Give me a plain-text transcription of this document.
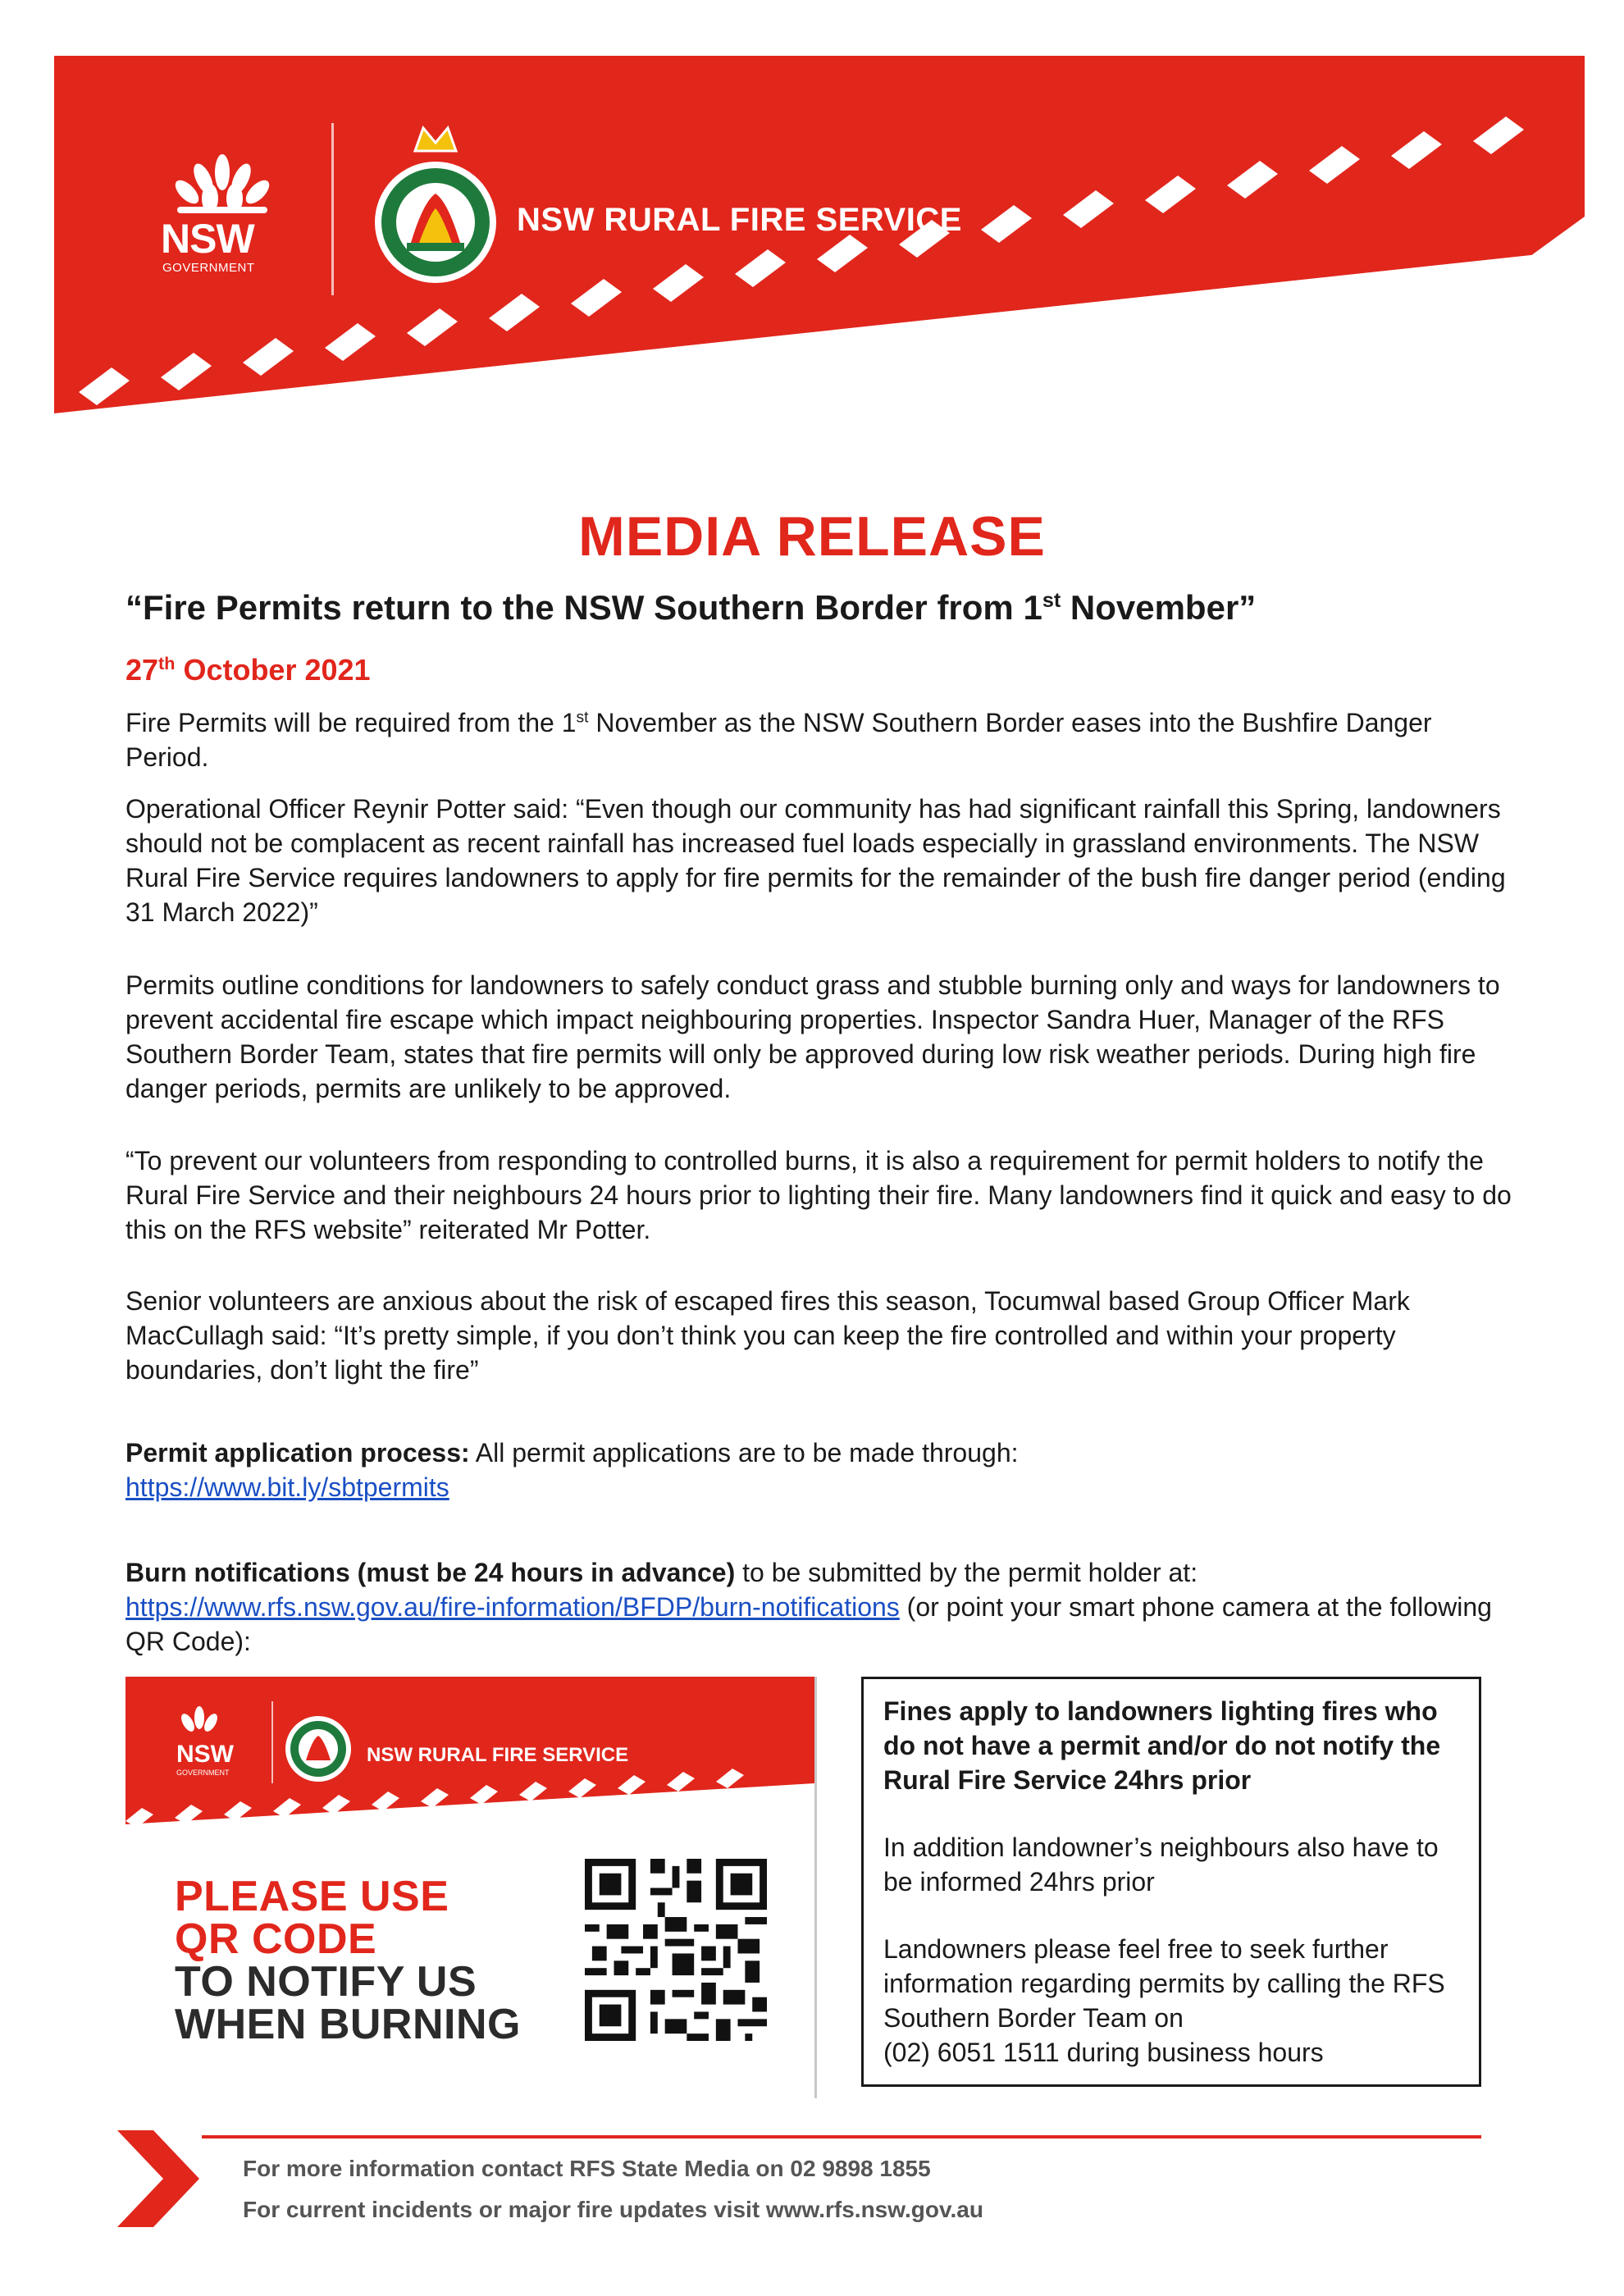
NSW
GOVERNMENT
NSW RURAL FIRE SERVICE
MEDIA RELEASE
“Fire Permits return to the NSW Southern Border from 1st November”
27th October 2021

Fire Permits will be required from the 1st November as the NSW Southern Border eases into the Bushfire Danger Period.

Operational Officer Reynir Potter said: “Even though our community has had significant rainfall this Spring, landowners should not be complacent as recent rainfall has increased fuel loads especially in grassland environments. The NSW Rural Fire Service requires landowners to apply for fire permits for the remainder of the bush fire danger period (ending 31 March 2022)”

Permits outline conditions for landowners to safely conduct grass and stubble burning only and ways for landowners to prevent accidental fire escape which impact neighbouring properties. Inspector Sandra Huer, Manager of the RFS Southern Border Team, states that fire permits will only be approved during low risk weather periods. During high fire danger periods, permits are unlikely to be approved.

“To prevent our volunteers from responding to controlled burns, it is also a requirement for permit holders to notify the Rural Fire Service and their neighbours 24 hours prior to lighting their fire. Many landowners find it quick and easy to do this on the RFS website” reiterated Mr Potter.

Senior volunteers are anxious about the risk of escaped fires this season, Tocumwal based Group Officer Mark MacCullagh said: “It’s pretty simple, if you don’t think you can keep the fire controlled and within your property boundaries, don’t light the fire”

Permit application process: All permit applications are to be made through:

https://www.bit.ly/sbtpermits

Burn notifications (must be 24 hours in advance) to be submitted by the permit holder at:
https://www.rfs.nsw.gov.au/fire-information/BFDP/burn-notifications (or point your smart phone camera at the following QR Code):

NSW
GOVERNMENT
NSW RURAL FIRE SERVICE
PLEASE USE
QR CODE
TO NOTIFY US
WHEN BURNING

Fines apply to landowners lighting fires who do not have a permit and/or do not notify the Rural Fire Service 24hrs prior

In addition landowner’s neighbours also have to be informed 24hrs prior

Landowners please feel free to seek further information regarding permits by calling the RFS Southern Border Team on

(02) 6051 1511 during business hours

For more information contact RFS State Media on 02 9898 1855
For current incidents or major fire updates visit www.rfs.nsw.gov.au
